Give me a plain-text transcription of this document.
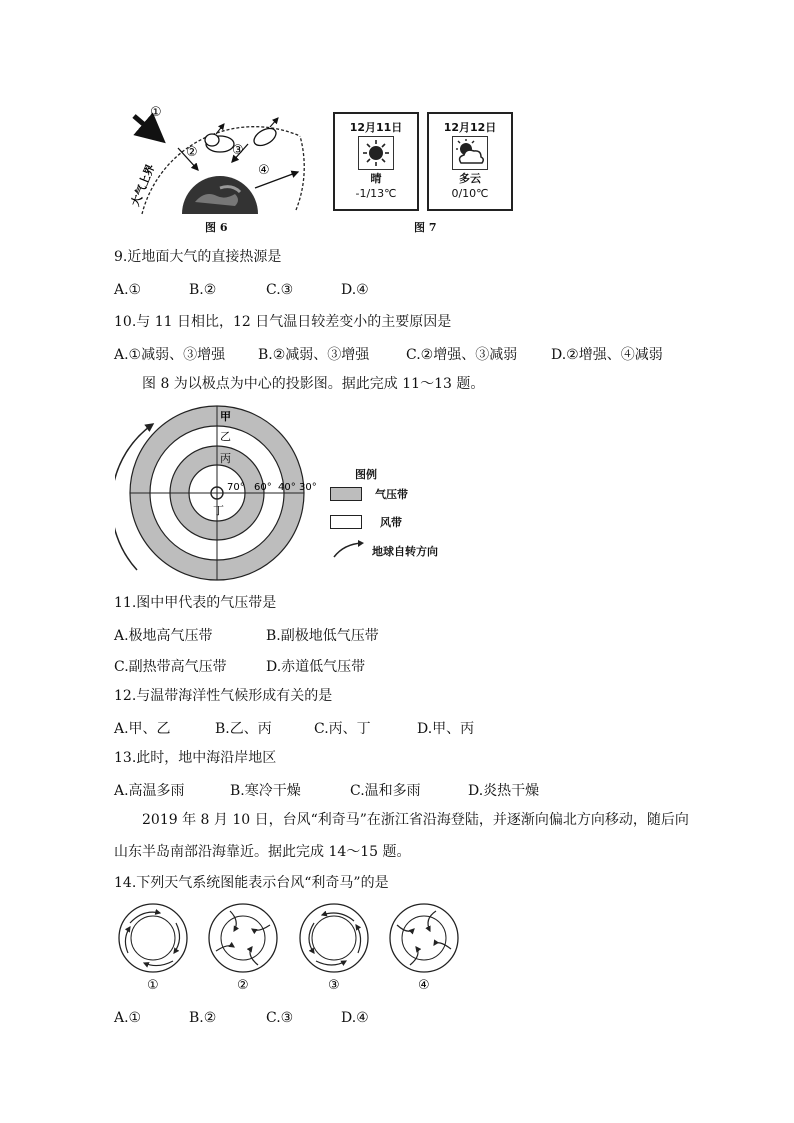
①
②	③
④
大气上界
图 6
12月11日
晴
-1/13℃
12月12日
多云
0/10℃
图 7
9.近地面大气的直接热源是
A.①	B.②	C.③	D.④
10.与 11 日相比，12 日气温日较差变小的主要原因是
A.①减弱、③增强 B.②减弱、③增强	C.②增强、③减弱 D.②增强、④减弱
图 8 为以极点为中心的投影图。据此完成 11～13 题。
甲
乙
丙
丁
70° 60° 40° 30°
图例
气压带
风带
地球自转方向
11.图中甲代表的气压带是
A.极地高气压带	B.副极地低气压带
C.副热带高气压带	D.赤道低气压带
12.与温带海洋性气候形成有关的是
A.甲、乙	B.乙、丙	C.丙、丁	D.甲、丙
13.此时，地中海沿岸地区
A.高温多雨	B.寒冷干燥	C.温和多雨	D.炎热干燥
2019 年 8 月 10 日，台风“利奇马”在浙江省沿海登陆，并逐渐向偏北方向移动，随后向
山东半岛南部沿海靠近。据此完成 14～15 题。
14.下列天气系统图能表示台风“利奇马”的是
①	②	③	④
A.①	B.②	C.③	D.④
